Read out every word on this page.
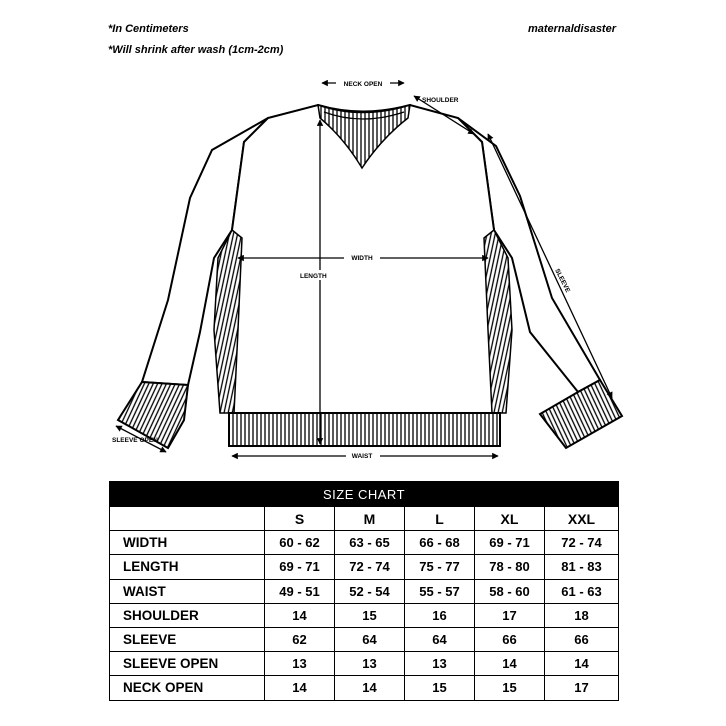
*In Centimeters
*Will shrink after wash (1cm-2cm)
maternaldisaster
NECK OPEN
SHOULDER
WIDTH
LENGTH	SLEEVE
SLEEVE OPEN
WAIST
SIZE CHART					
	S	M	L	XL	XXL
WIDTH	60 - 62	63 - 65	66 - 68	69 - 71	72 - 74
LENGTH	69 - 71	72 - 74	75 - 77	78 - 80	81 - 83
WAIST	49 - 51	52 - 54	55 - 57	58 - 60	61 - 63
SHOULDER	14	15	16	17	18
SLEEVE	62	64	64	66	66
SLEEVE OPEN	13	13	13	14	14
NECK OPEN	14	14	15	15	17
